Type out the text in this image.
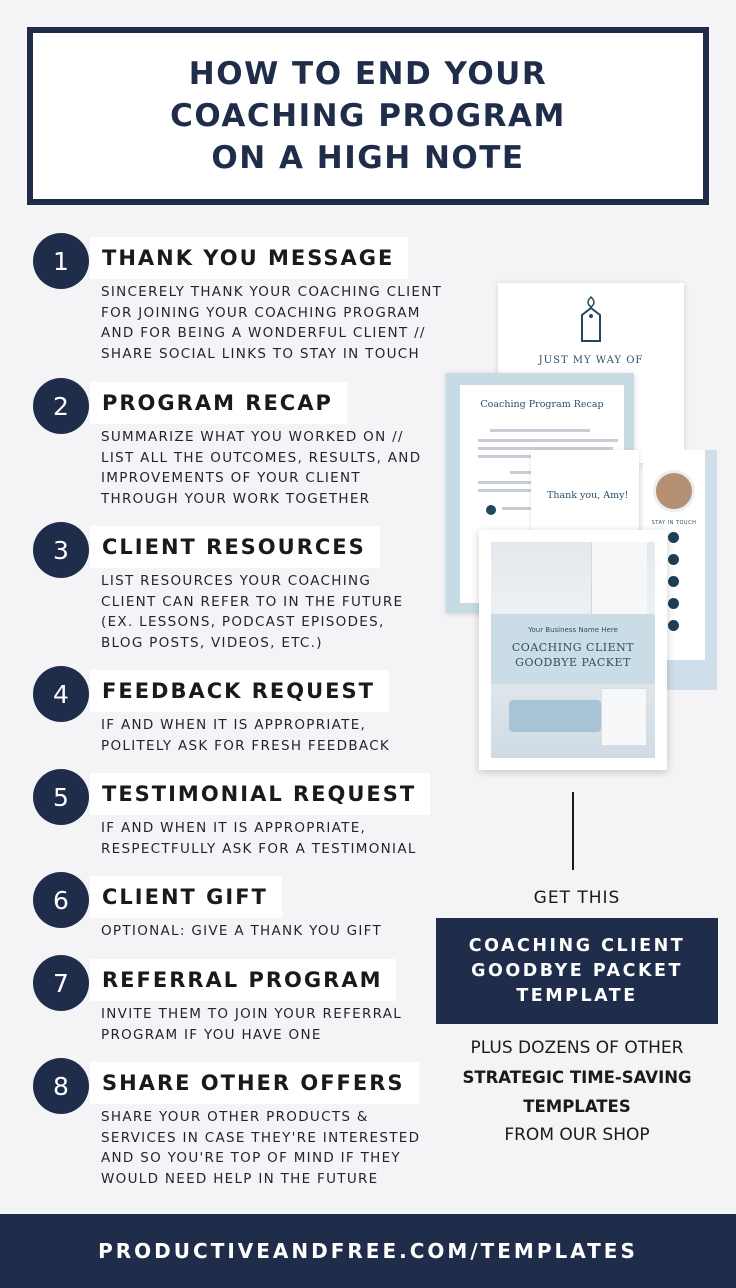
HOW TO END YOUR
COACHING PROGRAM
ON A HIGH NOTE
1	THANK YOU MESSAGE
SINCERELY THANK YOUR COACHING CLIENT
FOR JOINING YOUR COACHING PROGRAM
AND FOR BEING A WONDERFUL CLIENT //
SHARE SOCIAL LINKS TO STAY IN TOUCH
2	PROGRAM RECAP
SUMMARIZE WHAT YOU WORKED ON //
LIST ALL THE OUTCOMES, RESULTS, AND
IMPROVEMENTS OF YOUR CLIENT
THROUGH YOUR WORK TOGETHER
3	CLIENT RESOURCES
LIST RESOURCES YOUR COACHING
CLIENT CAN REFER TO IN THE FUTURE
(EX. LESSONS, PODCAST EPISODES,
BLOG POSTS, VIDEOS, ETC.)
4	FEEDBACK REQUEST
IF AND WHEN IT IS APPROPRIATE,
POLITELY ASK FOR FRESH FEEDBACK
5	TESTIMONIAL REQUEST
IF AND WHEN IT IS APPROPRIATE,
RESPECTFULLY ASK FOR A TESTIMONIAL
6	CLIENT GIFT
OPTIONAL: GIVE A THANK YOU GIFT
7	REFERRAL PROGRAM
INVITE THEM TO JOIN YOUR REFERRAL
PROGRAM IF YOU HAVE ONE
8	SHARE OTHER OFFERS
SHARE YOUR OTHER PRODUCTS &
SERVICES IN CASE THEY'RE INTERESTED
AND SO YOU'RE TOP OF MIND IF THEY
WOULD NEED HELP IN THE FUTURE
JUST MY WAY OF
Coaching Program Recap
STAY IN TOUCH
Thank you, Amy!
Your Business Name Here
COACHING CLIENT
GOODBYE PACKET
GET THIS
COACHING CLIENT
GOODBYE PACKET
TEMPLATE
PLUS DOZENS OF OTHER
STRATEGIC TIME-SAVING
TEMPLATES
FROM OUR SHOP
PRODUCTIVEANDFREE.COM/TEMPLATES
